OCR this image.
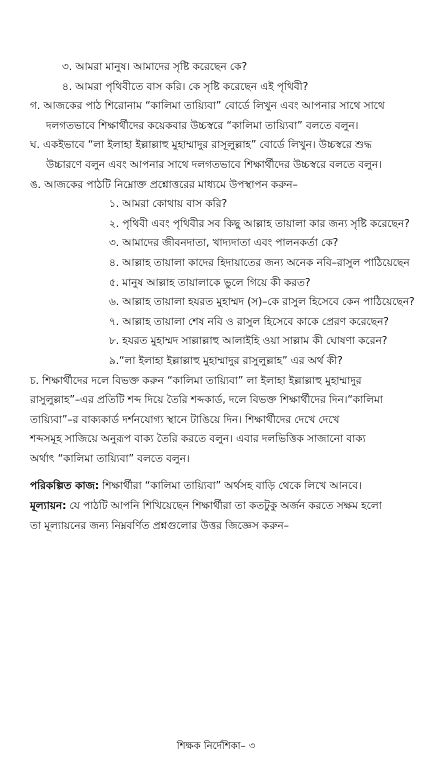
৩. আমরা মানুষ। আমাদের সৃষ্টি করেছেন কে?
৪. আমরা পৃথিবীতে বাস করি। কে সৃষ্টি করেছেন এই পৃথিবী?
গ. আজকের পাঠ শিরোনাম “কালিমা তায়্যিবা” বোর্ডে লিখুন এবং আপনার সাথে সাথে
দলগতভাবে শিক্ষার্থীদের কয়েকবার উচ্চস্বরে “কালিমা তায়্যিবা” বলতে বলুন।
ঘ. একইভাবে “লা ইলাহা ইল্লাল্লাহু মুহাম্মাদুর রাসূলুল্লাহ” বোর্ডে লিখুন। উচ্চস্বরে শুদ্ধ
উচ্চারণে বলুন এবং আপনার সাথে দলগতভাবে শিক্ষার্থীদের উচ্চস্বরে বলতে বলুন।
ঙ. আজকের পাঠটি নিম্নোক্ত প্রশ্নোত্তরের মাধ্যমে উপস্থাপন করুন–
১. আমরা কোথায় বাস করি?
২. পৃথিবী এবং পৃথিবীর সব কিছু আল্লাহ তায়ালা কার জন্য সৃষ্টি করেছেন?
৩. আমাদের জীবনদাতা, খাদ্যদাতা এবং পালনকর্তা কে?
৪. আল্লাহ তায়ালা কাদের হিদায়াতের জন্য অনেক নবি–রাসুল পাঠিয়েছেন
৫. মানুষ আল্লাহ তায়ালাকে ভুলে গিয়ে কী করত?
৬. আল্লাহ তায়ালা হযরত মুহাম্মদ (স)–কে রাসুল হিসেবে কেন পাঠিয়েছেন?
৭. আল্লাহ তায়ালা শেষ নবি ও রাসুল হিসেবে কাকে প্রেরণ করেছেন?
৮. হযরত মুহাম্মদ সাল্লাল্লাহু আলাইহি ওয়া সাল্লাম কী ঘোষণা করেন?
৯.“লা ইলাহা ইল্লাল্লাহু মুহাম্মাদুর রাসুলুল্লাহ” এর অর্থ কী?
চ. শিক্ষার্থীদের দলে বিভক্ত করুন “কালিমা তায়্যিবা” লা ইলাহা ইল্লাল্লাহু মুহাম্মাদুর
রাসুলুল্লাহ”–এর প্রতিটি শব্দ দিয়ে তৈরি শব্দকার্ড, দলে বিভক্ত শিক্ষার্থীদের দিন।“কালিমা
তায়্যিবা”–র বাক্যকার্ড দর্শনযোগ্য স্থানে টাঙিয়ে দিন। শিক্ষার্থীদের দেখে দেখে
শব্দসমূহ সাজিয়ে অনুরূপ বাক্য তৈরি করতে বলুন। এবার দলভিত্তিক সাজানো বাক্য
অর্থাৎ “কালিমা তায়্যিবা” বলতে বলুন।
পরিকল্পিত কাজ: শিক্ষার্থীরা “কালিমা তায়্যিবা” অর্থসহ বাড়ি থেকে লিখে আনবে।
মূল্যায়ন: যে পাঠটি আপনি শিখিয়েছেন শিক্ষার্থীরা তা কতটুকু অর্জন করতে সক্ষম হলো
তা মূল্যায়নের জন্য নিম্নবর্ণিত প্রশ্নগুলোর উত্তর জিজ্ঞেস করুন–
শিক্ষক নির্দেশিকা– ৩
